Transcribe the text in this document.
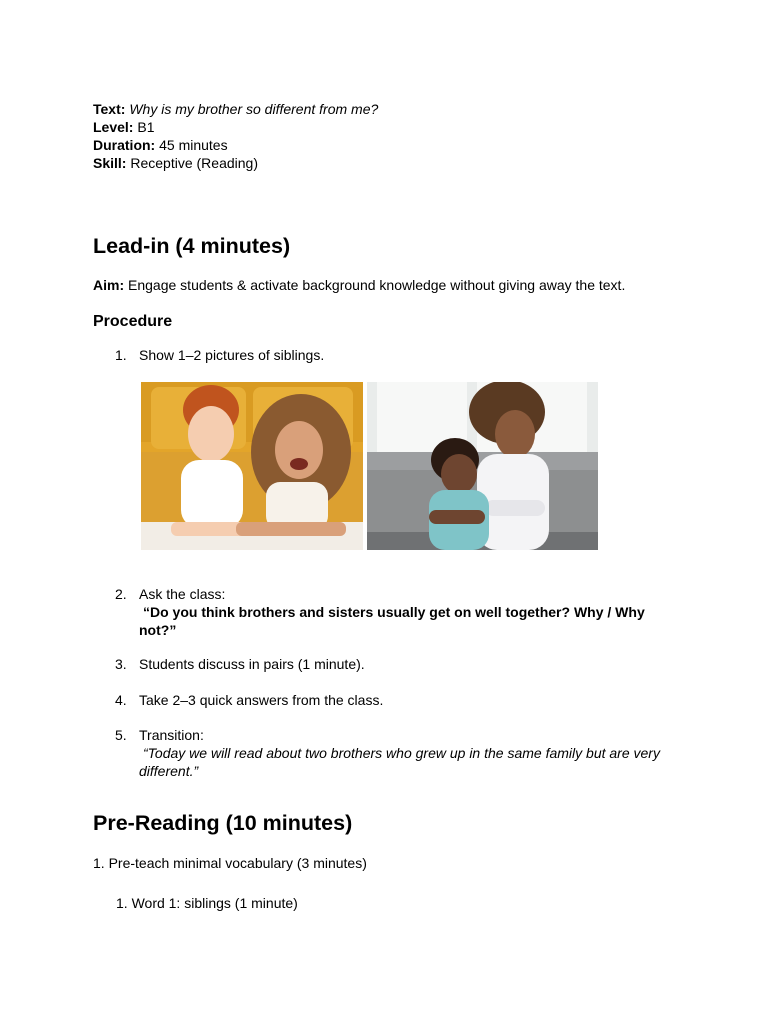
Text: Why is my brother so different from me?
Level: B1
Duration: 45 minutes
Skill: Receptive (Reading)
Lead-in (4 minutes)
Aim: Engage students & activate background knowledge without giving away the text.
Procedure
1. Show 1–2 pictures of siblings.
2. Ask the class:
“Do you think brothers and sisters usually get on well together? Why / Why not?”
3. Students discuss in pairs (1 minute).
4. Take 2–3 quick answers from the class.
5. Transition:
“Today we will read about two brothers who grew up in the same family but are very different.”
Pre-Reading (10 minutes)
1. Pre-teach minimal vocabulary (3 minutes)
1. Word 1: siblings (1 minute)
